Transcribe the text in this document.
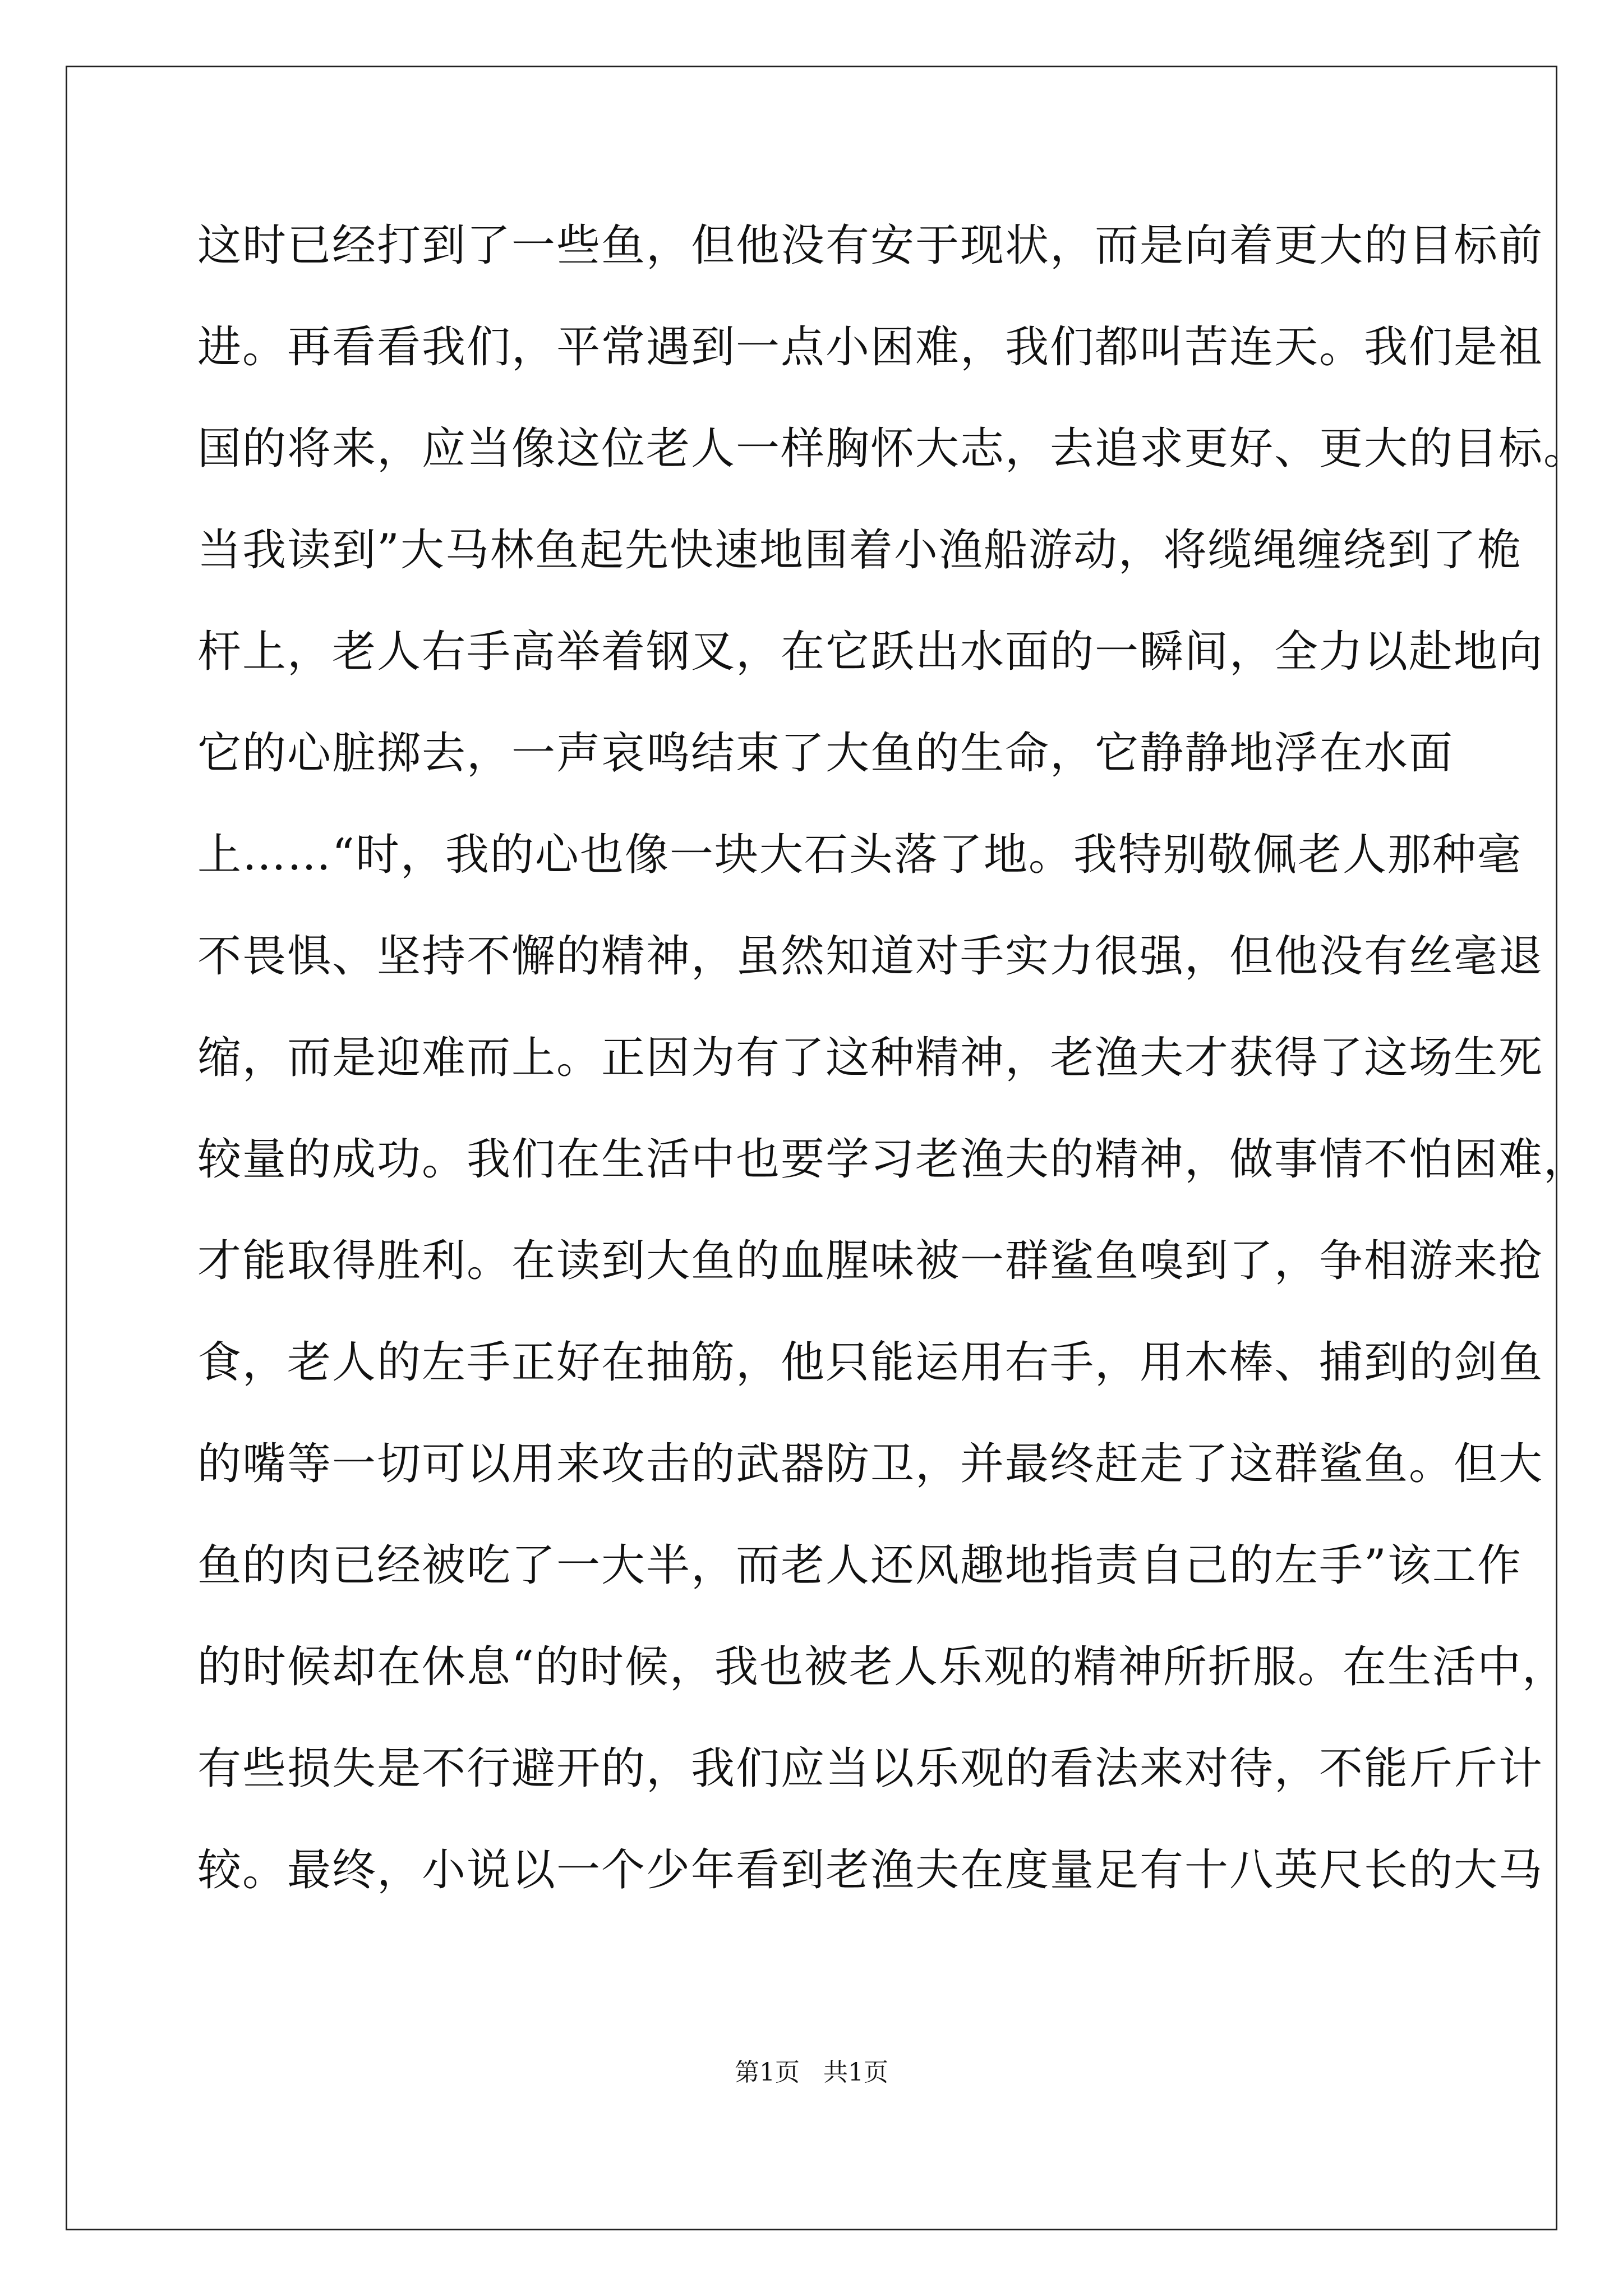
这时已经打到了一些鱼，但他没有安于现状，而是向着更大的目标前
进。再看看我们，平常遇到一点小困难，我们都叫苦连天。我们是祖
国的将来，应当像这位老人一样胸怀大志，去追求更好、更大的目标。
当我读到”大马林鱼起先快速地围着小渔船游动，将缆绳缠绕到了桅
杆上，老人右手高举着钢叉，在它跃出水面的一瞬间，全力以赴地向
它的心脏掷去，一声哀鸣结束了大鱼的生命，它静静地浮在水面
上……“时，我的心也像一块大石头落了地。我特别敬佩老人那种毫
不畏惧、坚持不懈的精神，虽然知道对手实力很强，但他没有丝毫退
缩，而是迎难而上。正因为有了这种精神，老渔夫才获得了这场生死
较量的成功。我们在生活中也要学习老渔夫的精神，做事情不怕困难，
才能取得胜利。在读到大鱼的血腥味被一群鲨鱼嗅到了，争相游来抢
食，老人的左手正好在抽筋，他只能运用右手，用木棒、捕到的剑鱼
的嘴等一切可以用来攻击的武器防卫，并最终赶走了这群鲨鱼。但大
鱼的肉已经被吃了一大半，而老人还风趣地指责自己的左手”该工作
的时候却在休息“的时候，我也被老人乐观的精神所折服。在生活中，
有些损失是不行避开的，我们应当以乐观的看法来对待，不能斤斤计
较。最终，小说以一个少年看到老渔夫在度量足有十八英尺长的大马
第1页   共1页
